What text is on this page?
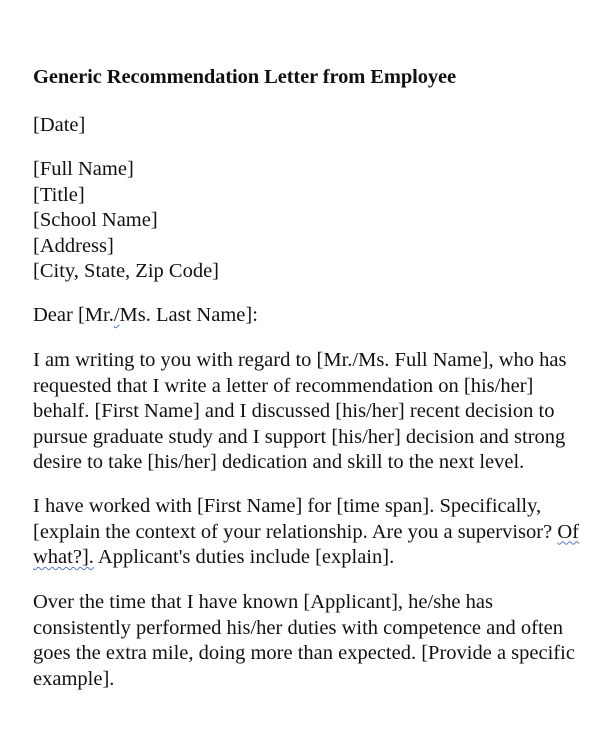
Generic Recommendation Letter from Employee
[Date]
[Full Name]
[Title]
[School Name]
[Address]
[City, State, Zip Code]
Dear [Mr./Ms. Last Name]:
I am writing to you with regard to [Mr./Ms. Full Name], who has
requested that I write a letter of recommendation on [his/her]
behalf. [First Name] and I discussed [his/her] recent decision to
pursue graduate study and I support [his/her] decision and strong
desire to take [his/her] dedication and skill to the next level.
I have worked with [First Name] for [time span]. Specifically,
[explain the context of your relationship. Are you a supervisor? Of
what?]. Applicant's duties include [explain].
Over the time that I have known [Applicant], he/she has
consistently performed his/her duties with competence and often
goes the extra mile, doing more than expected. [Provide a specific
example].
